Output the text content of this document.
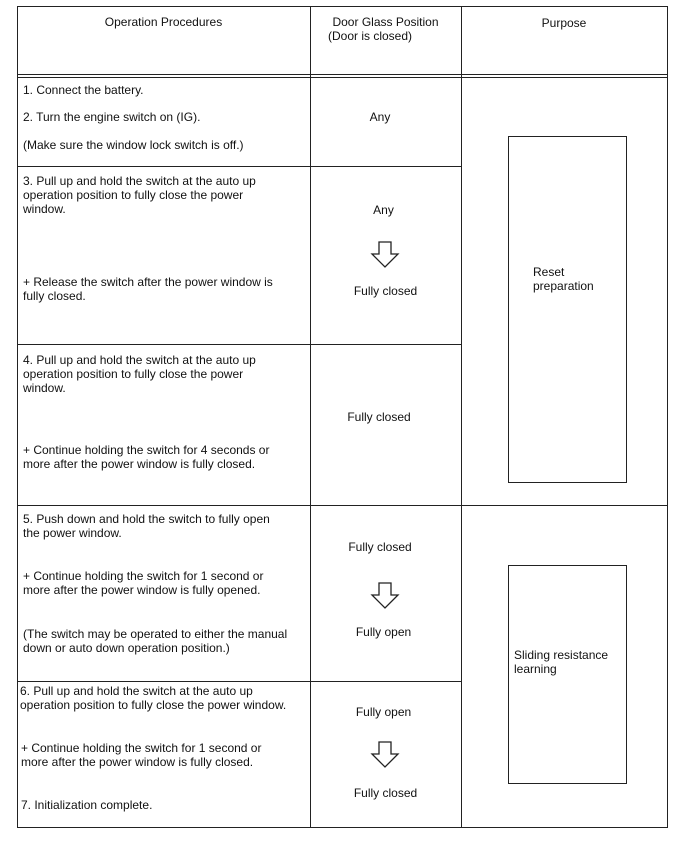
Operation Procedures	Door Glass Position
(Door is closed)
Purpose
1. Connect the battery.
2. Turn the engine switch on (IG).
(Make sure the window lock switch is off.)
Any
3. Pull up and hold the switch at the auto up
operation position to fully close the power
window.
+ Release the switch after the power window is
fully closed.
Any
Fully closed
4. Pull up and hold the switch at the auto up
operation position to fully close the power
window.
+ Continue holding the switch for 4 seconds or
more after the power window is fully closed.
Fully closed
5. Push down and hold the switch to fully open
the power window.
+ Continue holding the switch for 1 second or
more after the power window is fully opened.
(The switch may be operated to either the manual
down or auto down operation position.)
Fully closed
Fully open
6. Pull up and hold the switch at the auto up
operation position to fully close the power window.
+ Continue holding the switch for 1 second or
more after the power window is fully closed.
7. Initialization complete.
Fully open
Fully closed
Reset
preparation
Sliding resistance
learning
